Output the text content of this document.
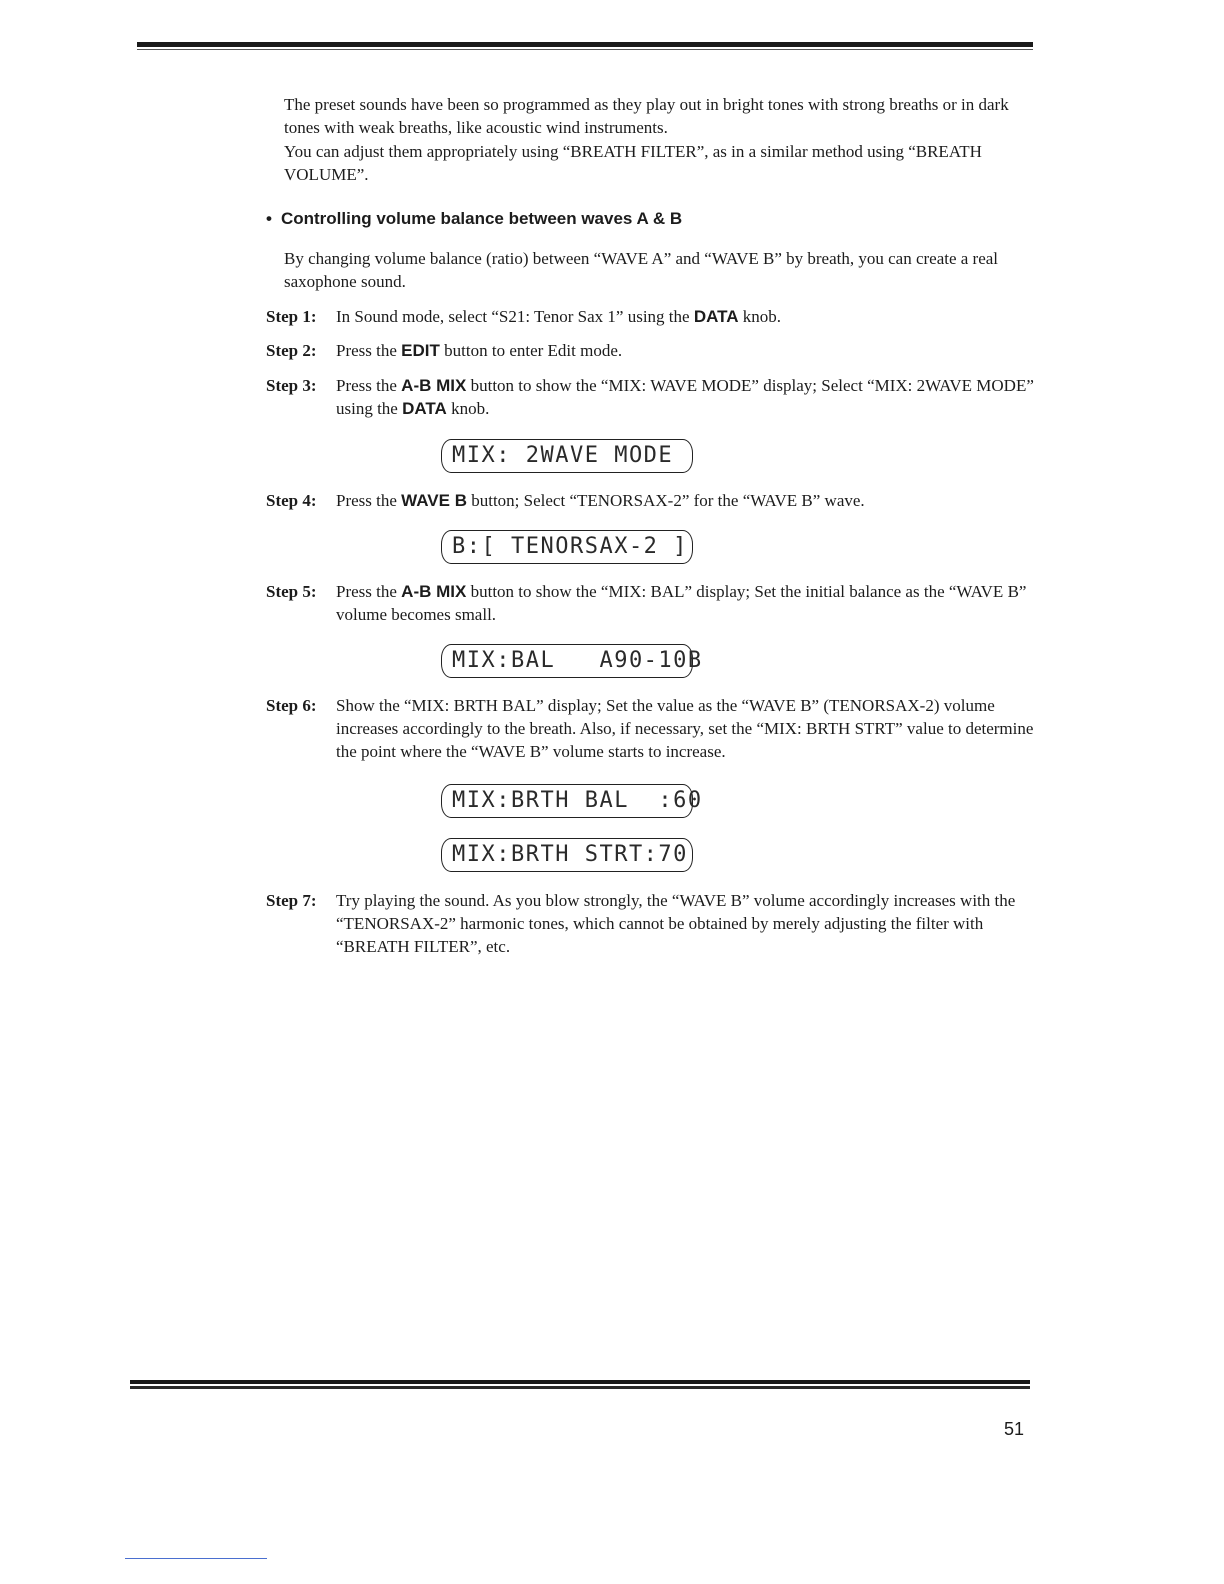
The preset sounds have been so programmed as they play out in bright tones with strong breaths or in dark tones with weak breaths, like acoustic wind instruments.

You can adjust them appropriately using “BREATH FILTER”, as in a similar method using “BREATH VOLUME”.

• Controlling volume balance between waves A & B

By changing volume balance (ratio) between “WAVE A” and “WAVE B” by breath, you can create a real saxophone sound.

Step 1: In Sound mode, select “S21: Tenor Sax 1” using the DATA knob.
Step 2: Press the EDIT button to enter Edit mode.
Step 3: Press the A-B MIX button to show the “MIX: WAVE MODE” display; Select “MIX: 2WAVE MODE” using the DATA knob.
MIX: 2WAVE MODE
Step 4: Press the WAVE B button; Select “TENORSAX-2” for the “WAVE B” wave.
B:[ TENORSAX-2 ]
Step 5: Press the A-B MIX button to show the “MIX: BAL” display; Set the initial balance as the “WAVE B” volume becomes small.
MIX:BAL   A90-10B
Step 6: Show the “MIX: BRTH BAL” display; Set the value as the “WAVE B” (TENORSAX-2) volume increases accordingly to the breath. Also, if necessary, set the “MIX: BRTH STRT” value to determine the point where the “WAVE B” volume starts to increase.
MIX:BRTH BAL  :60
MIX:BRTH STRT:70
Step 7: Try playing the sound. As you blow strongly, the “WAVE B” volume accordingly increases with the “TENORSAX-2” harmonic tones, which cannot be obtained by merely adjusting the filter with “BREATH FILTER”, etc.
51
